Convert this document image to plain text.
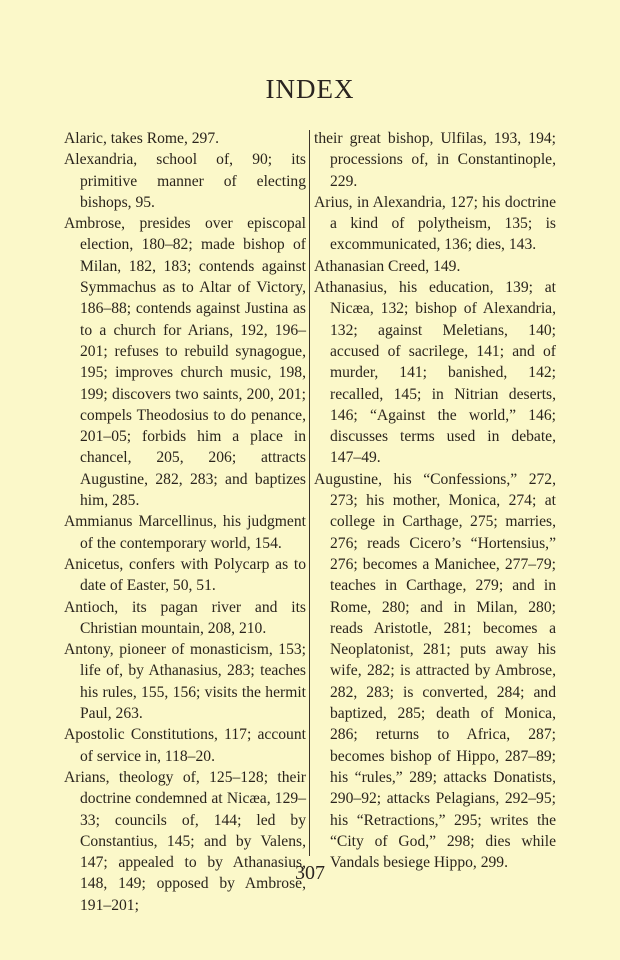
INDEX

Alaric, takes Rome, 297.

Alexandria, school of, 90; its primitive manner of electing bishops, 95.

Ambrose, presides over episcopal election, 180–82; made bishop of Milan, 182, 183; contends against Symmachus as to Altar of Victory, 186–88; contends against Justina as to a church for Arians, 192, 196–201; refuses to rebuild synagogue, 195; improves church music, 198, 199; discovers two saints, 200, 201; compels Theodosius to do penance, 201–05; forbids him a place in chancel, 205, 206; attracts Augustine, 282, 283; and baptizes him, 285.

Ammianus Marcellinus, his judgment of the contemporary world, 154.

Anicetus, confers with Polycarp as to date of Easter, 50, 51.

Antioch, its pagan river and its Christian mountain, 208, 210.

Antony, pioneer of monasticism, 153; life of, by Athanasius, 283; teaches his rules, 155, 156; visits the hermit Paul, 263.

Apostolic Constitutions, 117; account of service in, 118–20.

Arians, theology of, 125–128; their doctrine condemned at Nicæa, 129–33; councils of, 144; led by Constantius, 145; and by Valens, 147; appealed to by Athanasius, 148, 149; opposed by Ambrose, 191–201;

their great bishop, Ulfilas, 193, 194; processions of, in Constantinople, 229.

Arius, in Alexandria, 127; his doctrine a kind of polytheism, 135; is excommunicated, 136; dies, 143.

Athanasian Creed, 149.

Athanasius, his education, 139; at Nicæa, 132; bishop of Alexandria, 132; against Meletians, 140; accused of sacrilege, 141; and of murder, 141; banished, 142; recalled, 145; in Nitrian deserts, 146; “Against the world,” 146; discusses terms used in debate, 147–49.

Augustine, his “Confessions,” 272, 273; his mother, Monica, 274; at college in Carthage, 275; marries, 276; reads Cicero’s “Hortensius,” 276; becomes a Manichee, 277–79; teaches in Carthage, 279; and in Rome, 280; and in Milan, 280; reads Aristotle, 281; becomes a Neoplatonist, 281; puts away his wife, 282; is attracted by Ambrose, 282, 283; is converted, 284; and baptized, 285; death of Monica, 286; returns to Africa, 287; becomes bishop of Hippo, 287–89; his “rules,” 289; attacks Donatists, 290–92; attacks Pelagians, 292–95; his “Retractions,” 295; writes the “City of God,” 298; dies while Vandals besiege Hippo, 299.

307
